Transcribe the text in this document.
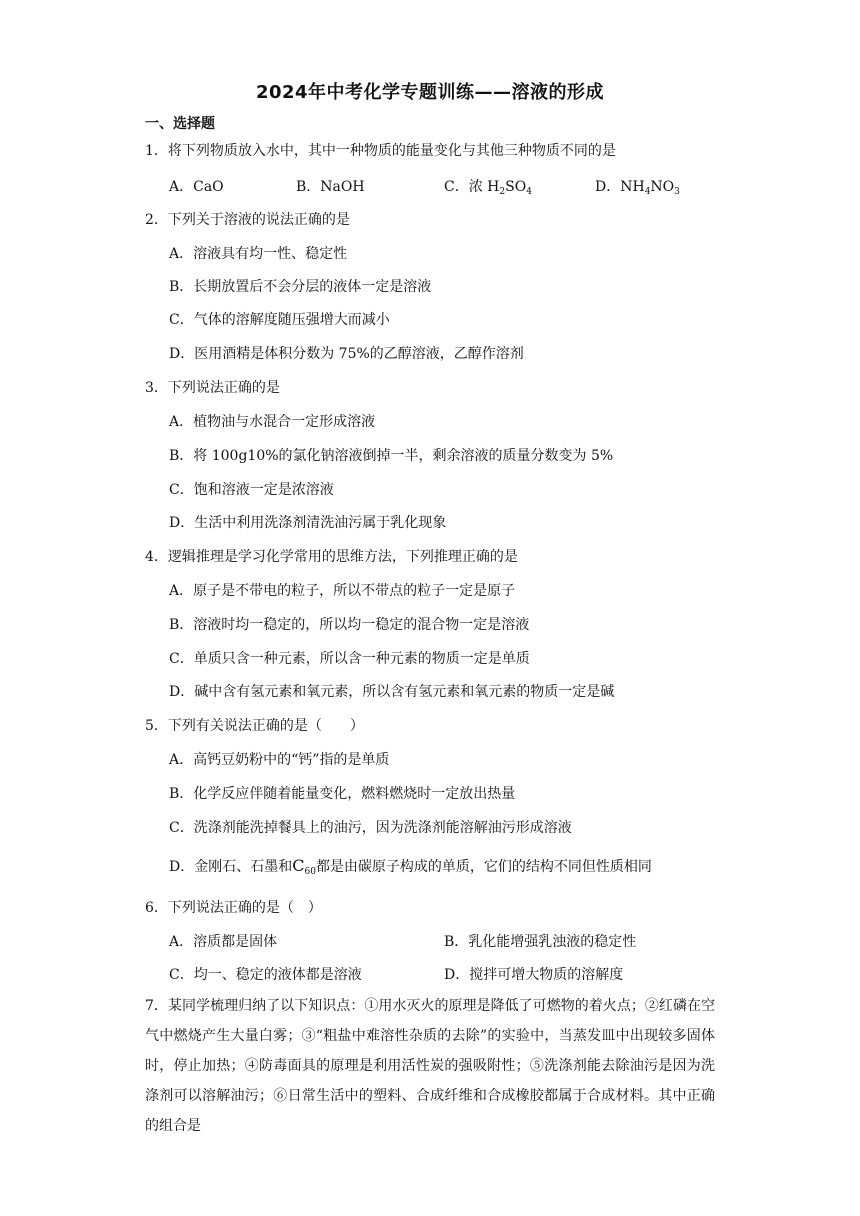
2024年中考化学专题训练——溶液的形成
一、选择题
1．将下列物质放入水中，其中一种物质的能量变化与其他三种物质不同的是
A．CaO	B．NaOH	C．浓 $H_2SO_4$	D．$NH_4NO_3$
2．下列关于溶液的说法正确的是
A．溶液具有均一性、稳定性
B．长期放置后不会分层的液体一定是溶液
C．气体的溶解度随压强增大而减小
D．医用酒精是体积分数为 75%的乙醇溶液，乙醇作溶剂
3．下列说法正确的是
A．植物油与水混合一定形成溶液
B．将 100g10%的氯化钠溶液倒掉一半，剩余溶液的质量分数变为 5%
C．饱和溶液一定是浓溶液
D．生活中利用洗涤剂清洗油污属于乳化现象
4．逻辑推理是学习化学常用的思维方法，下列推理正确的是
A．原子是不带电的粒子，所以不带点的粒子一定是原子
B．溶液时均一稳定的，所以均一稳定的混合物一定是溶液
C．单质只含一种元素，所以含一种元素的物质一定是单质
D．碱中含有氢元素和氧元素，所以含有氢元素和氧元素的物质一定是碱
5．下列有关说法正确的是（　　）
A．高钙豆奶粉中的“钙”指的是单质
B．化学反应伴随着能量变化，燃料燃烧时一定放出热量
C．洗涤剂能洗掉餐具上的油污，因为洗涤剂能溶解油污形成溶液
D．金刚石、石墨和$C_{60}$都是由碳原子构成的单质，它们的结构不同但性质相同
6．下列说法正确的是（　）
A．溶质都是固体	B．乳化能增强乳浊液的稳定性
C．均一、稳定的液体都是溶液	D．搅拌可增大物质的溶解度
7．某同学梳理归纳了以下知识点：①用水灭火的原理是降低了可燃物的着火点；②红磷在空气中燃烧产生大量白雾；③“粗盐中难溶性杂质的去除”的实验中，当蒸发皿中出现较多固体时，停止加热；④防毒面具的原理是利用活性炭的强吸附性；⑤洗涤剂能去除油污是因为洗涤剂可以溶解油污；⑥日常生活中的塑料、合成纤维和合成橡胶都属于合成材料。其中正确的组合是
